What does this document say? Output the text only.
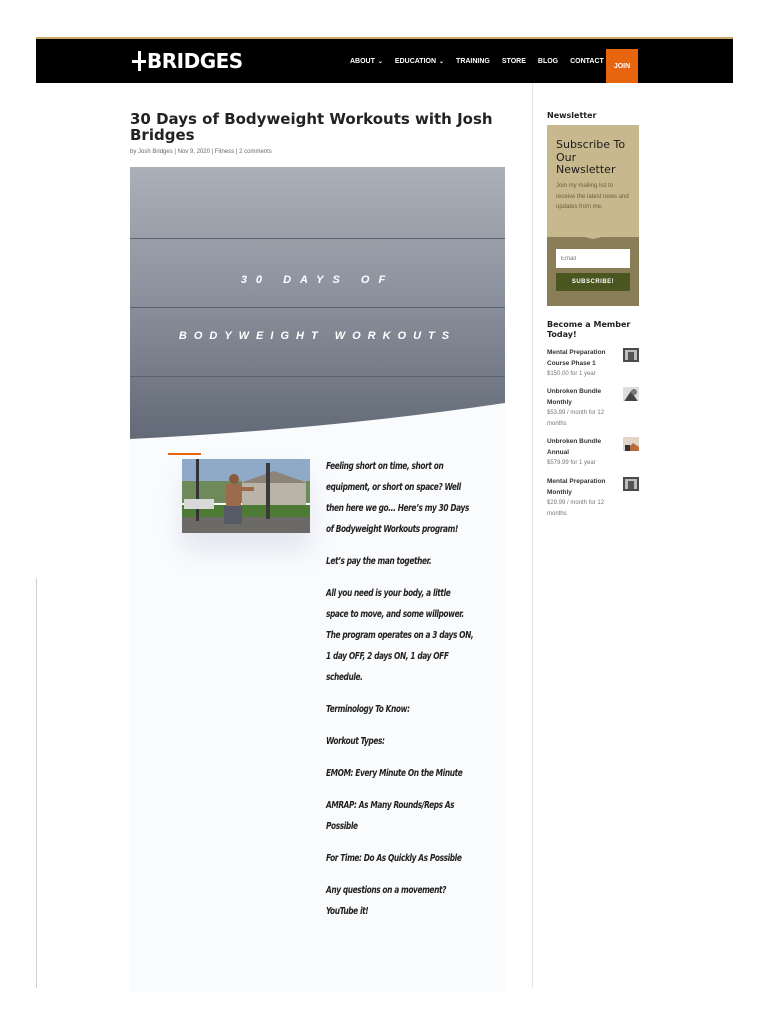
BRIDGES	ABOUT ⌄ EDUCATION ⌄ TRAINING STORE BLOG CONTACT
JOIN
30 Days of Bodyweight Workouts with Josh Bridges
by Josh Bridges | Nov 9, 2020 | Fitness | 2 comments
30 DAYS OF
BODYWEIGHT WORKOUTS

Feeling short on time, short on equipment, or short on space? Well then here we go... Here’s my 30 Days of Bodyweight Workouts program!

Let’s pay the man together.

All you need is your body, a little space to move, and some willpower. The program operates on a 3 days ON, 1 day OFF, 2 days ON, 1 day OFF schedule.

Terminology To Know:

Workout Types:

EMOM: Every Minute On the Minute

AMRAP: As Many Rounds/Reps As Possible

For Time: Do As Quickly As Possible

Any questions on a movement? YouTube it!

Newsletter
Subscribe To Our Newsletter
Join my mailing list to receive the latest news and updates from me.
Email
SUBSCRIBE!
Become a Member Today!
Mental Preparation Course Phase 1
$150.00 for 1 year
Unbroken Bundle Monthly
$53.99 / month for 12 months
Unbroken Bundle Annual
$579.99 for 1 year
Mental Preparation Monthly
$29.99 / month for 12 months
